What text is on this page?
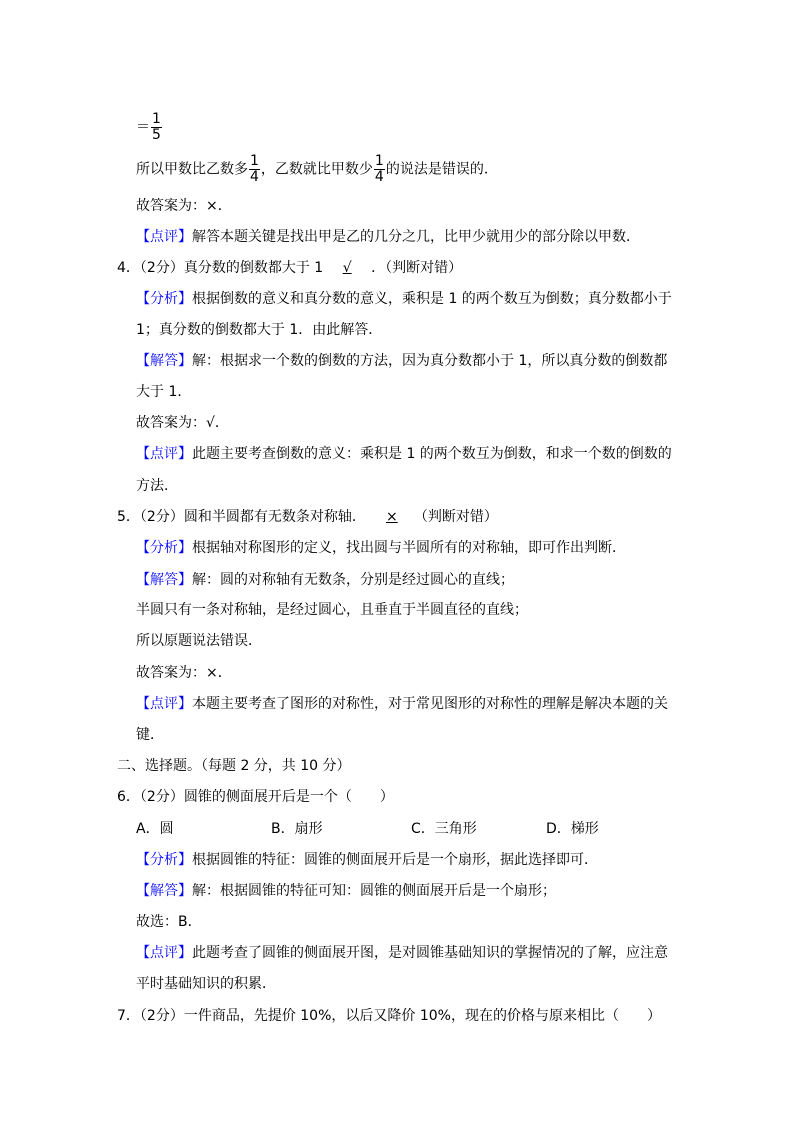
＝ $\frac{1}{5}$
所以甲数比乙数多 $\frac{1}{4}$ ，乙数就比甲数少 $\frac{1}{4}$ 的说法是错误的．
故答案为：×．
【点评】解答本题关键是找出甲是乙的几分之几，比甲少就用少的部分除以甲数．
4．（2分）真分数的倒数都大于 1 √ ．（判断对错）
【分析】根据倒数的意义和真分数的意义，乘积是 1 的两个数互为倒数；真分数都小于
1；真分数的倒数都大于 1．由此解答．
【解答】解：根据求一个数的倒数的方法，因为真分数都小于 1，所以真分数的倒数都
大于 1．
故答案为：√．
【点评】此题主要考查倒数的意义：乘积是 1 的两个数互为倒数，和求一个数的倒数的
方法．
5．（2分）圆和半圆都有无数条对称轴． × （判断对错）
【分析】根据轴对称图形的定义，找出圆与半圆所有的对称轴，即可作出判断．
【解答】解：圆的对称轴有无数条，分别是经过圆心的直线；
半圆只有一条对称轴，是经过圆心，且垂直于半圆直径的直线；
所以原题说法错误．
故答案为：×．
【点评】本题主要考查了图形的对称性，对于常见图形的对称性的理解是解决本题的关
键．
二、选择题。（每题 2 分，共 10 分）
6．（2分）圆锥的侧面展开后是一个（　　）
A．圆	B．扇形	C．三角形	D．梯形
【分析】根据圆锥的特征：圆锥的侧面展开后是一个扇形，据此选择即可．
【解答】解：根据圆锥的特征可知：圆锥的侧面展开后是一个扇形；
故选：B．
【点评】此题考查了圆锥的侧面展开图，是对圆锥基础知识的掌握情况的了解，应注意
平时基础知识的积累．
7．（2分）一件商品，先提价 10%，以后又降价 10%，现在的价格与原来相比（　　）
